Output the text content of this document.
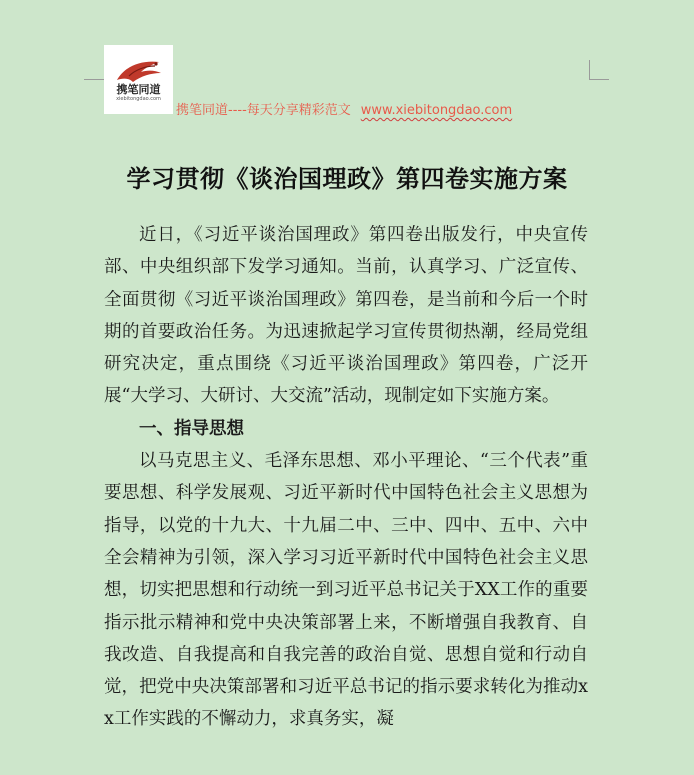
携笔同道
xiebitongdao.com
携笔同道----每天分享精彩范文 www.xiebitongdao.com
学习贯彻《谈治国理政》第四卷实施方案

近日，《习近平谈治国理政》第四卷出版发行，中央宣传部、中央组织部下发学习通知。当前，认真学习、广泛宣传、全面贯彻《习近平谈治国理政》第四卷，是当前和今后一个时期的首要政治任务。为迅速掀起学习宣传贯彻热潮，经局党组研究决定，重点围绕《习近平谈治国理政》第四卷，广泛开展“大学习、大研讨、大交流”活动，现制定如下实施方案。

一、指导思想

以马克思主义、毛泽东思想、邓小平理论、“三个代表”重要思想、科学发展观、习近平新时代中国特色社会主义思想为指导，以党的十九大、十九届二中、三中、四中、五中、六中全会精神为引领，深入学习习近平新时代中国特色社会主义思想，切实把思想和行动统一到习近平总书记关于XX工作的重要指示批示精神和党中央决策部署上来，不断增强自我教育、自我改造、自我提高和自我完善的政治自觉、思想自觉和行动自觉，把党中央决策部署和习近平总书记的指示要求转化为推动xx工作实践的不懈动力，求真务实，凝
